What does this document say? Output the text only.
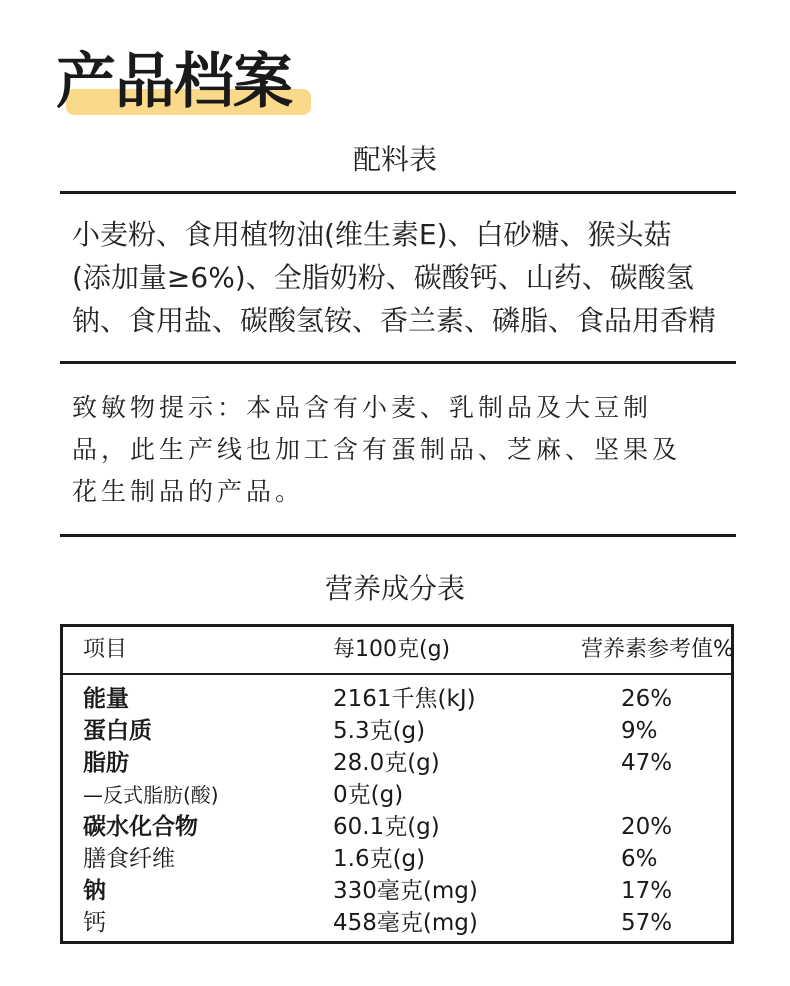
产品档案
配料表
小麦粉、食用植物油(维生素E)、白砂糖、猴头菇
(添加量≥6%)、全脂奶粉、碳酸钙、山药、碳酸氢
钠、食用盐、碳酸氢铵、香兰素、磷脂、食品用香精
致敏物提示：本品含有小麦、乳制品及大豆制
品，此生产线也加工含有蛋制品、芝麻、坚果及
花生制品的产品。
营养成分表
项目	每100克(g)	营养素参考值%
能量	2161千焦(kJ)	26%
蛋白质	5.3克(g)	9%
脂肪	28.0克(g)	47%
—反式脂肪(酸)	0克(g)
碳水化合物	60.1克(g)	20%
膳食纤维	1.6克(g)	6%
钠	330毫克(mg)	17%
钙	458毫克(mg)	57%
